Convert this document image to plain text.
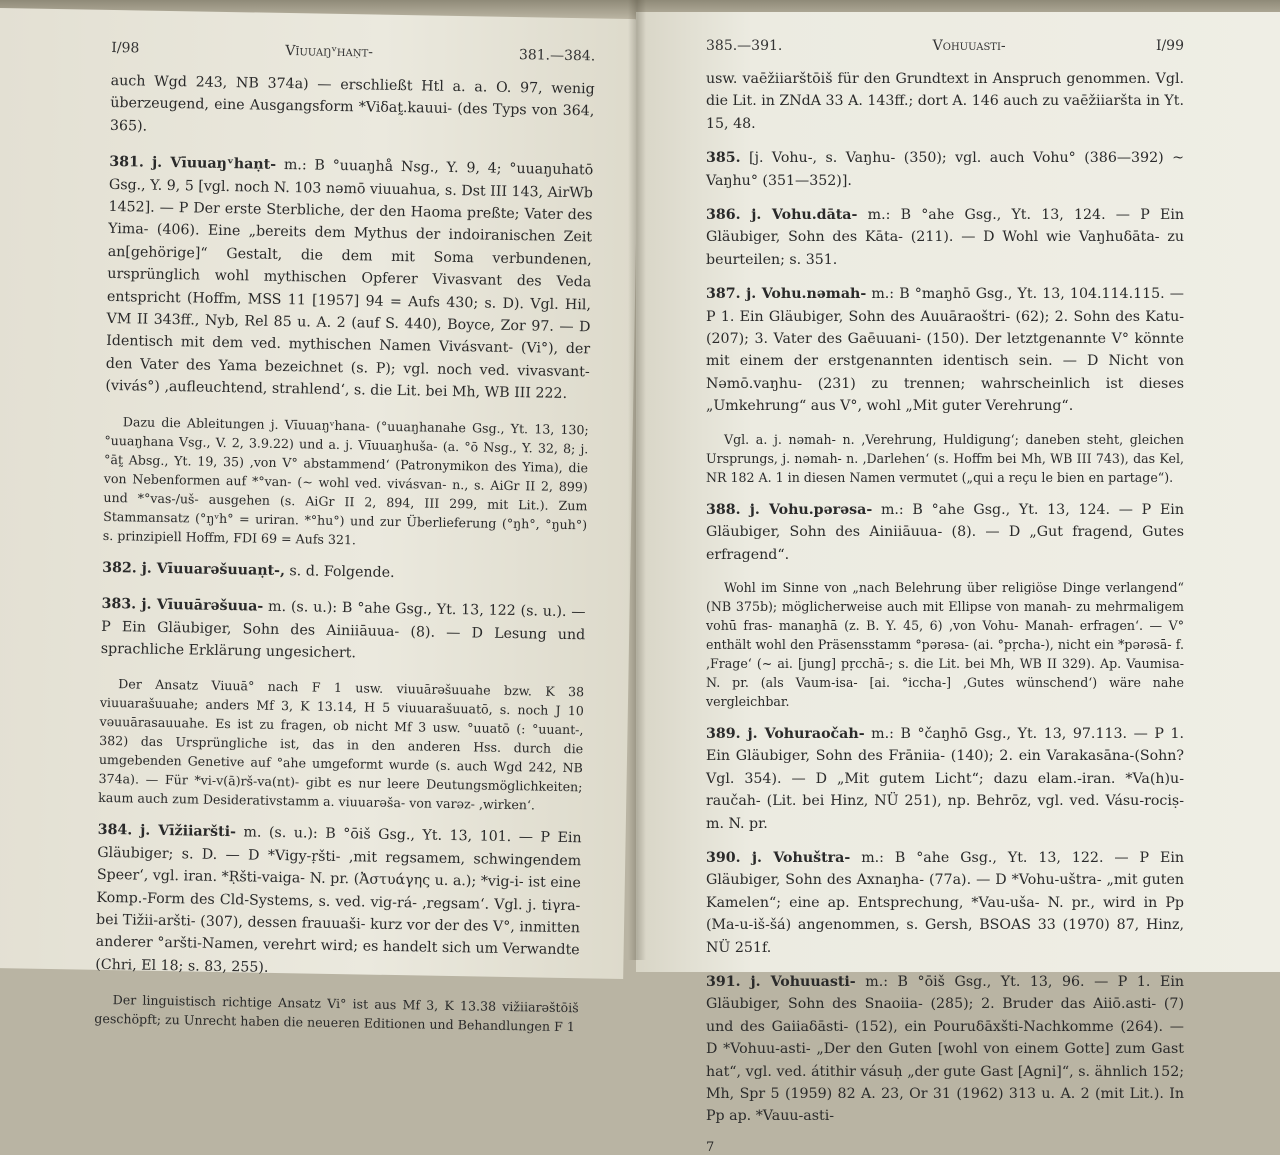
I/98	Vīuuaŋᵛhaṇt-	381.—384.

auch Wgd 243, NB 374a) — erschließt Htl a. a. O. 97, wenig überzeugend, eine Ausgangsform *Viδat̰.kauui- (des Typs von 364, 365).

381. j. Vīuuaŋᵛhaṇt- m.: B °uuaŋhå Nsg., Y. 9, 4; °uuaŋuhatō Gsg., Y. 9, 5 [vgl. noch N. 103 nəmō viuuahua, s. Dst III 143, AirWb 1452]. — P Der erste Sterbliche, der den Haoma preßte; Vater des Yima- (406). Eine „bereits dem Mythus der indoiranischen Zeit an[gehörige]“ Gestalt, die dem mit Soma verbundenen, ursprünglich wohl mythischen Opferer Vivasvant des Veda entspricht (Hoffm, MSS 11 [1957] 94 = Aufs 430; s. D). Vgl. Hil, VM II 343ff., Nyb, Rel 85 u. A. 2 (auf S. 440), Boyce, Zor 97. — D Identisch mit dem ved. mythischen Namen Vivásvant- (Vi°), der den Vater des Yama bezeichnet (s. P); vgl. noch ved. vivasvant- (vivás°) ‚aufleuchtend, strahlend‘, s. die Lit. bei Mh, WB III 222.

Dazu die Ableitungen j. Vīuuaŋᵛhana- (°uuaŋhanahe Gsg., Yt. 13, 130; °uuaŋhana Vsg., V. 2, 3.9.22) und a. j. Vīuuaŋhuša- (a. °ō Nsg., Y. 32, 8; j. °āt̰ Absg., Yt. 19, 35) ‚von V° abstammend‘ (Patronymikon des Yima), die von Nebenformen auf *°van- (~ wohl ved. vivásvan- n., s. AiGr II 2, 899) und *°vas-/uš- ausgehen (s. AiGr II 2, 894, III 299, mit Lit.). Zum Stammansatz (°ŋᵛh° = uriran. *°hu°) und zur Überlieferung (°ŋh°, °ŋuh°) s. prinzipiell Hoffm, FDI 69 = Aufs 321.

382. j. Vīuuarəšuuaṇt-, s. d. Folgende.
383. j. Vīuuārəšuua- m. (s. u.): B °ahe Gsg., Yt. 13, 122 (s. u.). — P Ein Gläubiger, Sohn des Ainiiāuua- (8). — D Lesung und sprachliche Erklärung ungesichert.

Der Ansatz Viuuā° nach F 1 usw. viuuārəšuuahe bzw. K 38 viuuarašuuahe; anders Mf 3, K 13.14, H 5 viuuarašuuatō, s. noch J 10 vəuuārasauuahe. Es ist zu fragen, ob nicht Mf 3 usw. °uuatō (: °uuant-, 382) das Ursprüngliche ist, das in den anderen Hss. durch die umgebenden Genetive auf °ahe umgeformt wurde (s. auch Wgd 242, NB 374a). — Für *vi-v(ā)rš-va(nt)- gibt es nur leere Deutungsmöglichkeiten; kaum auch zum Desiderativstamm a. viuuarəša- von varəz- ‚wirken‘.

384. j. Vīžiiaršti- m. (s. u.): B °ōiš Gsg., Yt. 13, 101. — P Ein Gläubiger; s. D. — D *Vigy-ṛšti- ‚mit regsamem, schwingendem Speer‘, vgl. iran. *Ṛšti-vaiga- N. pr. (Ἀστυάγης u. a.); *vig-i- ist eine Komp.-Form des Cld-Systems, s. ved. vig-rá- ‚regsam‘. Vgl. j. tiγra- bei Tižii-aršti- (307), dessen frauuaši- kurz vor der des V°, inmitten anderer °aršti-Namen, verehrt wird; es handelt sich um Verwandte (Chri, El 18; s. 83, 255).

Der linguistisch richtige Ansatz Vi° ist aus Mf 3, K 13.38 vižiiarəštōiš geschöpft; zu Unrecht haben die neueren Editionen und Behandlungen F 1

385.—391.	Vohuuasti-	I/99

usw. vaēžiiarštōiš für den Grundtext in Anspruch genommen. Vgl. die Lit. in ZNdA 33 A. 143ff.; dort A. 146 auch zu vaēžiiaršta in Yt. 15, 48.

385. [j. Vohu-, s. Vaŋhu- (350); vgl. auch Vohu° (386—392) ~ Vaŋhu° (351—352)].
386. j. Vohu.dāta- m.: B °ahe Gsg., Yt. 13, 124. — P Ein Gläubiger, Sohn des Kāta- (211). — D Wohl wie Vaŋhuδāta- zu beurteilen; s. 351.
387. j. Vohu.nəmah- m.: B °maŋhō Gsg., Yt. 13, 104.114.115. — P 1. Ein Gläubiger, Sohn des Auuāraoštri- (62); 2. Sohn des Katu- (207); 3. Vater des Gaēuuani- (150). Der letztgenannte V° könnte mit einem der erstgenannten identisch sein. — D Nicht von Nəmō.vaŋhu- (231) zu trennen; wahrscheinlich ist dieses „Umkehrung“ aus V°, wohl „Mit guter Verehrung“.

Vgl. a. j. nəmah- n. ‚Verehrung, Huldigung‘; daneben steht, gleichen Ursprungs, j. nəmah- n. ‚Darlehen‘ (s. Hoffm bei Mh, WB III 743), das Kel, NR 182 A. 1 in diesen Namen vermutet („qui a reçu le bien en partage“).

388. j. Vohu.pərəsa- m.: B °ahe Gsg., Yt. 13, 124. — P Ein Gläubiger, Sohn des Ainiiāuua- (8). — D „Gut fragend, Gutes erfragend“.

Wohl im Sinne von „nach Belehrung über religiöse Dinge verlangend“ (NB 375b); möglicherweise auch mit Ellipse von manah- zu mehrmaligem vohū fras- manaŋhā (z. B. Y. 45, 6) ‚von Vohu- Manah- erfragen‘. — V° enthält wohl den Präsensstamm °pərəsa- (ai. °pṛcha-), nicht ein *pərəsā- f. ‚Frage‘ (~ ai. [jung] pṛcchā-; s. die Lit. bei Mh, WB II 329). Ap. Vaumisa- N. pr. (als Vaum-isa- [ai. °iccha-] ‚Gutes wünschend‘) wäre nahe vergleichbar.

389. j. Vohuraočah- m.: B °čaŋhō Gsg., Yt. 13, 97.113. — P 1. Ein Gläubiger, Sohn des Frāniia- (140); 2. ein Varakasāna-(Sohn? Vgl. 354). — D „Mit gutem Licht“; dazu elam.-iran. *Va(h)u-raučah- (Lit. bei Hinz, NÜ 251), np. Behrōz, vgl. ved. Vásu-rociṣ- m. N. pr.
390. j. Vohuštra- m.: B °ahe Gsg., Yt. 13, 122. — P Ein Gläubiger, Sohn des Axnaŋha- (77a). — D *Vohu-uštra- „mit guten Kamelen“; eine ap. Entsprechung, *Vau-uša- N. pr., wird in Pp (Ma-u-iš-šá) angenommen, s. Gersh, BSOAS 33 (1970) 87, Hinz, NÜ 251f.
391. j. Vohuuasti- m.: B °ōiš Gsg., Yt. 13, 96. — P 1. Ein Gläubiger, Sohn des Snaoiia- (285); 2. Bruder das Aiiō.asti- (7) und des Gaiiaδāsti- (152), ein Pouruδāxšti-Nachkomme (264). — D *Vohuu-asti- „Der den Guten [wohl von einem Gotte] zum Gast hat“, vgl. ved. átithir vásuḥ „der gute Gast [Agni]“, s. ähnlich 152; Mh, Spr 5 (1959) 82 A. 23, Or 31 (1962) 313 u. A. 2 (mit Lit.). In Pp ap. *Vauu-asti-
7
